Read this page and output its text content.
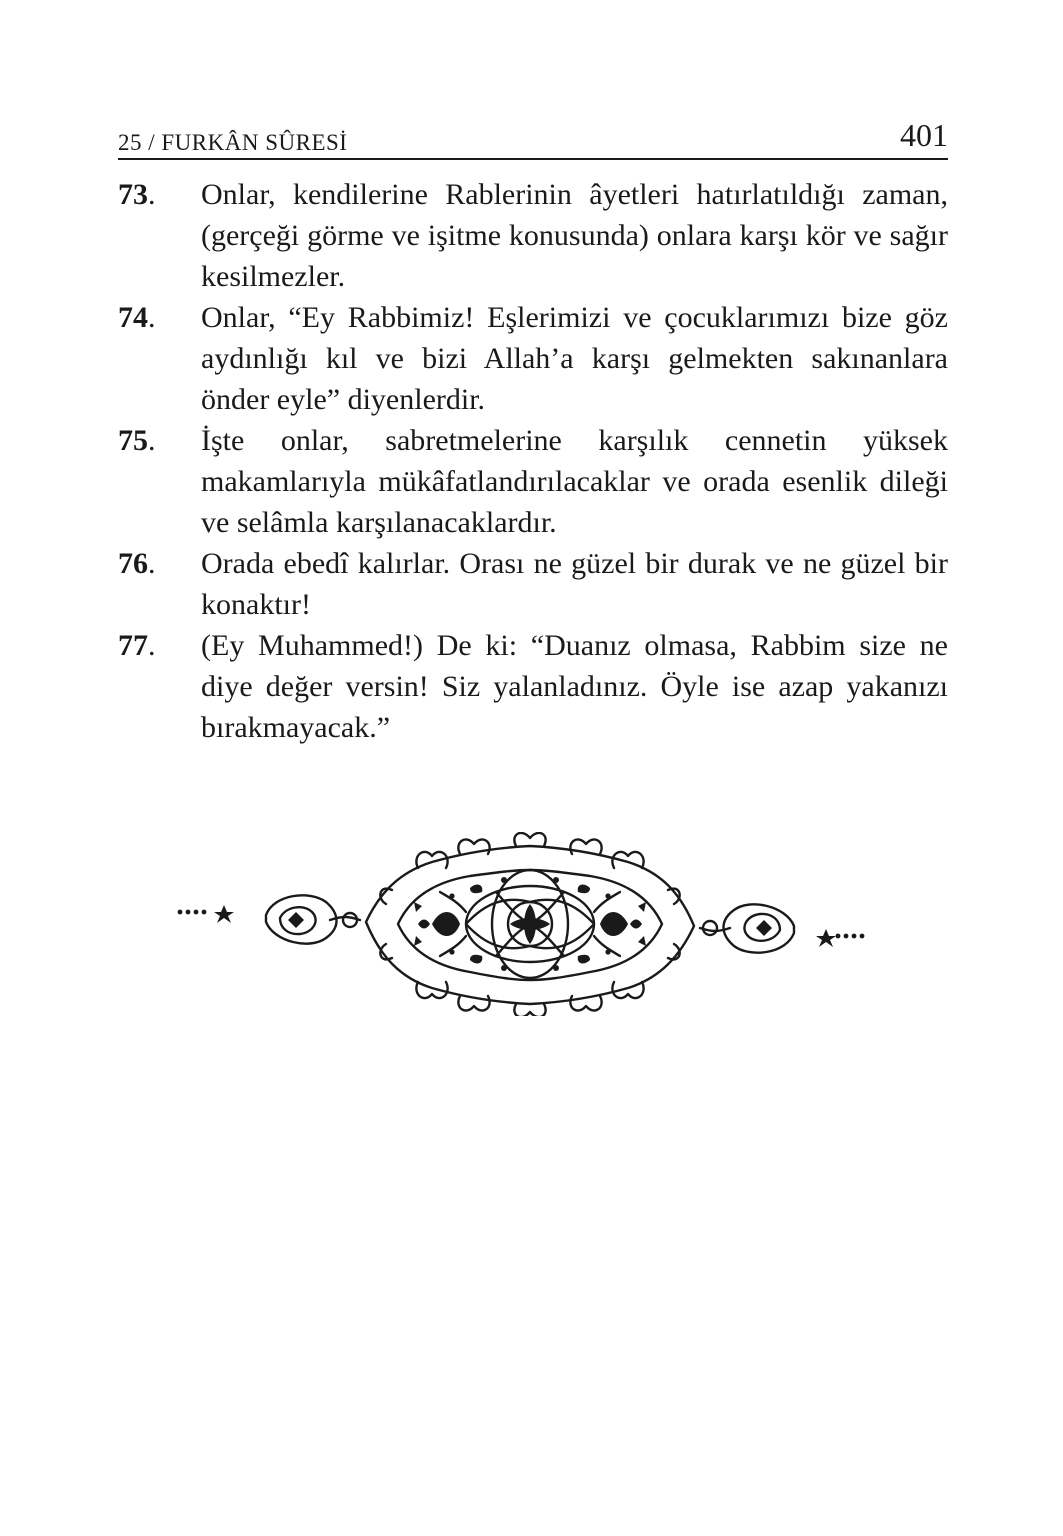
25 / FURKÂN SÛRESİ	401
73.	Onlar, kendilerine Rablerinin âyetleri hatırlatıldığı zaman, (gerçeği görme ve işitme konusunda) onlara karşı kör ve sağır kesilmezler.
74.	Onlar, “Ey Rabbimiz! Eşlerimizi ve çocuklarımızı bize göz aydınlığı kıl ve bizi Allah’a karşı gelmekten sakınanlara önder eyle” diyenlerdir.
75.	İşte onlar, sabretmelerine karşılık cennetin yüksek makamlarıyla mükâfatlandırılacaklar ve orada esenlik dileği ve selâmla karşılanacaklardır.
76.	Orada ebedî kalırlar. Orası ne güzel bir durak ve ne güzel bir konaktır!
77.	(Ey Muhammed!) De ki: “Duanız olmasa, Rabbim size ne diye değer versin! Siz yalanladınız. Öyle ise azap yakanızı bırakmayacak.”
